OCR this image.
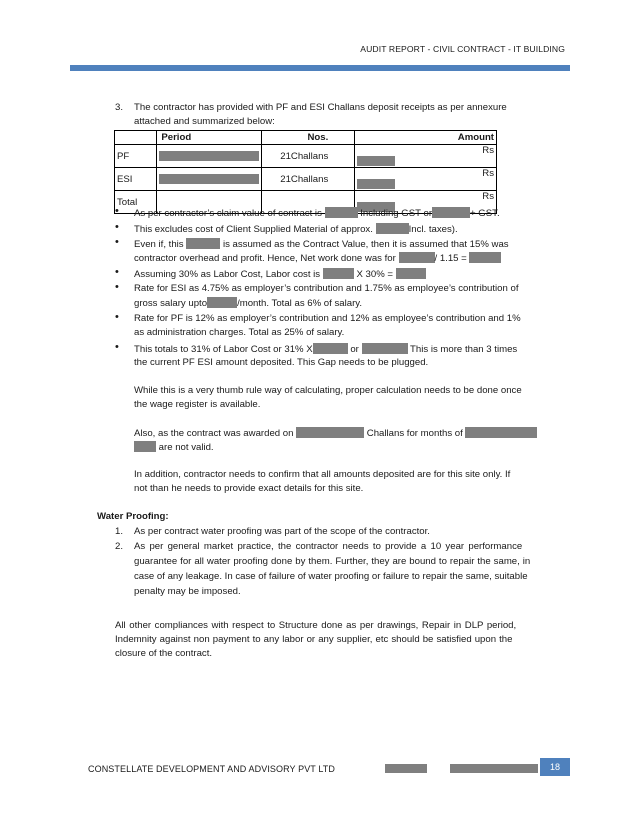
AUDIT REPORT - CIVIL CONTRACT - IT BUILDING
3. The contractor has provided with PF and ESI Challans deposit receipts as per annexure
attached and summarized below:
	Period	Nos.	Amount
PF		21Challans	Rs
ESI		21Challans	Rs
Total			Rs
• As per contractor’s claim value of contract is	Including GST or	+ GST.
• This excludes cost of Client Supplied Material of approx.	Incl. taxes).
• Even if, this	is assumed as the Contract Value, then it is assumed that 15% was
contractor overhead and profit. Hence, Net work done was for	/ 1.15 =
• Assuming 30% as Labor Cost, Labor cost is	X 30% =
• Rate for ESI as 4.75% as employer’s contribution and 1.75% as employee’s contribution of
gross salary upto	/month. Total as 6% of salary.
• Rate for PF is 12% as employer’s contribution and 12% as employee’s contribution and 1%
as administration charges. Total as 25% of salary.
• This totals to 31% of Labor Cost or 31% X	or	This is more than 3 times
the current PF ESI amount deposited. This Gap needs to be plugged.
While this is a very thumb rule way of calculating, proper calculation needs to be done once
the wage register is available.
Also, as the contract was awarded on	Challans for months of
are not valid.
In addition, contractor needs to confirm that all amounts deposited are for this site only. If
not than he needs to provide exact details for this site.
Water Proofing:
1. As per contract water proofing was part of the scope of the contractor.
2. As per general market practice, the contractor needs to provide a 10 year performance
guarantee for all water proofing done by them. Further, they are bound to repair the same, in
case of any leakage. In case of failure of water proofing or failure to repair the same, suitable
penalty may be imposed.
All other compliances with respect to Structure done as per drawings, Repair in DLP period,
Indemnity against non payment to any labor or any supplier, etc should be satisfied upon the
closure of the contract.
CONSTELLATE DEVELOPMENT AND ADVISORY PVT LTD	18
